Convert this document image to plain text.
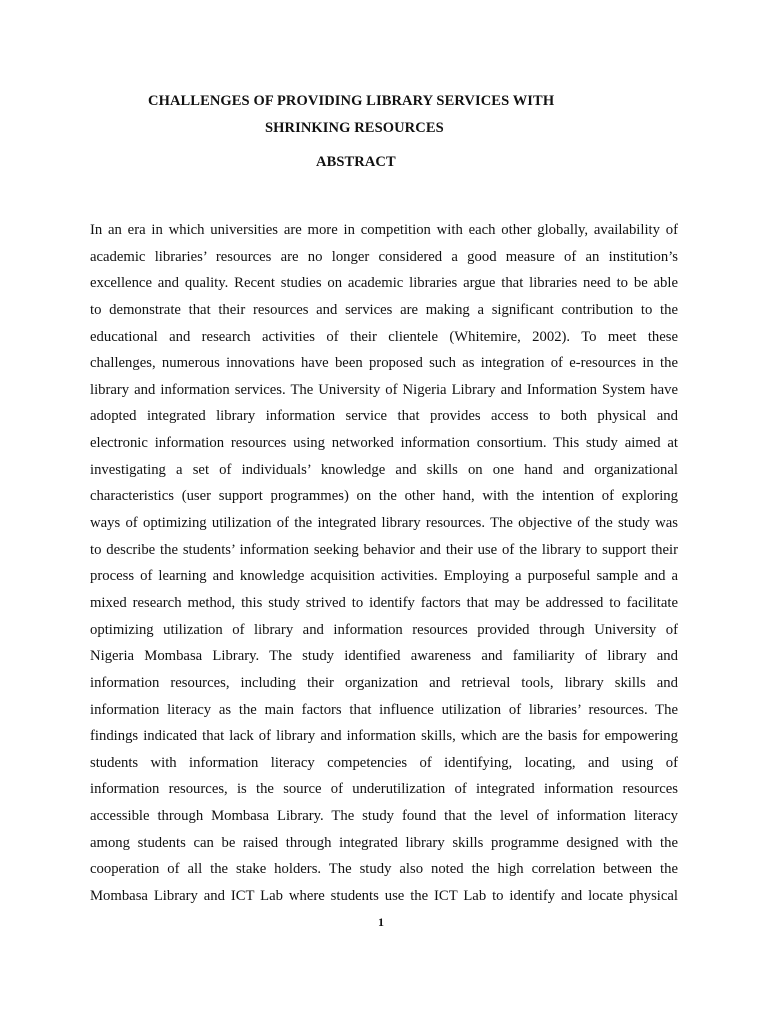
CHALLENGES OF PROVIDING LIBRARY SERVICES WITH
SHRINKING RESOURCES
ABSTRACT
In an era in which universities are more in competition with each other globally, availability of
academic libraries’ resources are no longer considered a good measure of an institution’s
excellence and quality. Recent studies on academic libraries argue that libraries need to be able
to demonstrate that their resources and services are making a significant contribution to the
educational and research activities of their clientele (Whitemire, 2002). To meet these
challenges, numerous innovations have been proposed such as integration of e-resources in the
library and information services. The University of Nigeria Library and Information System have
adopted integrated library information service that provides access to both physical and
electronic information resources using networked information consortium. This study aimed at
investigating a set of individuals’ knowledge and skills on one hand and organizational
characteristics (user support programmes) on the other hand, with the intention of exploring
ways of optimizing utilization of the integrated library resources. The objective of the study was
to describe the students’ information seeking behavior and their use of the library to support their
process of learning and knowledge acquisition activities. Employing a purposeful sample and a
mixed research method, this study strived to identify factors that may be addressed to facilitate
optimizing utilization of library and information resources provided through University of
Nigeria Mombasa Library. The study identified awareness and familiarity of library and
information resources, including their organization and retrieval tools, library skills and
information literacy as the main factors that influence utilization of libraries’ resources. The
findings indicated that lack of library and information skills, which are the basis for empowering
students with information literacy competencies of identifying, locating, and using of
information resources, is the source of underutilization of integrated information resources
accessible through Mombasa Library. The study found that the level of information literacy
among students can be raised through integrated library skills programme designed with the
cooperation of all the stake holders. The study also noted the high correlation between the
Mombasa Library and ICT Lab where students use the ICT Lab to identify and locate physical
1
